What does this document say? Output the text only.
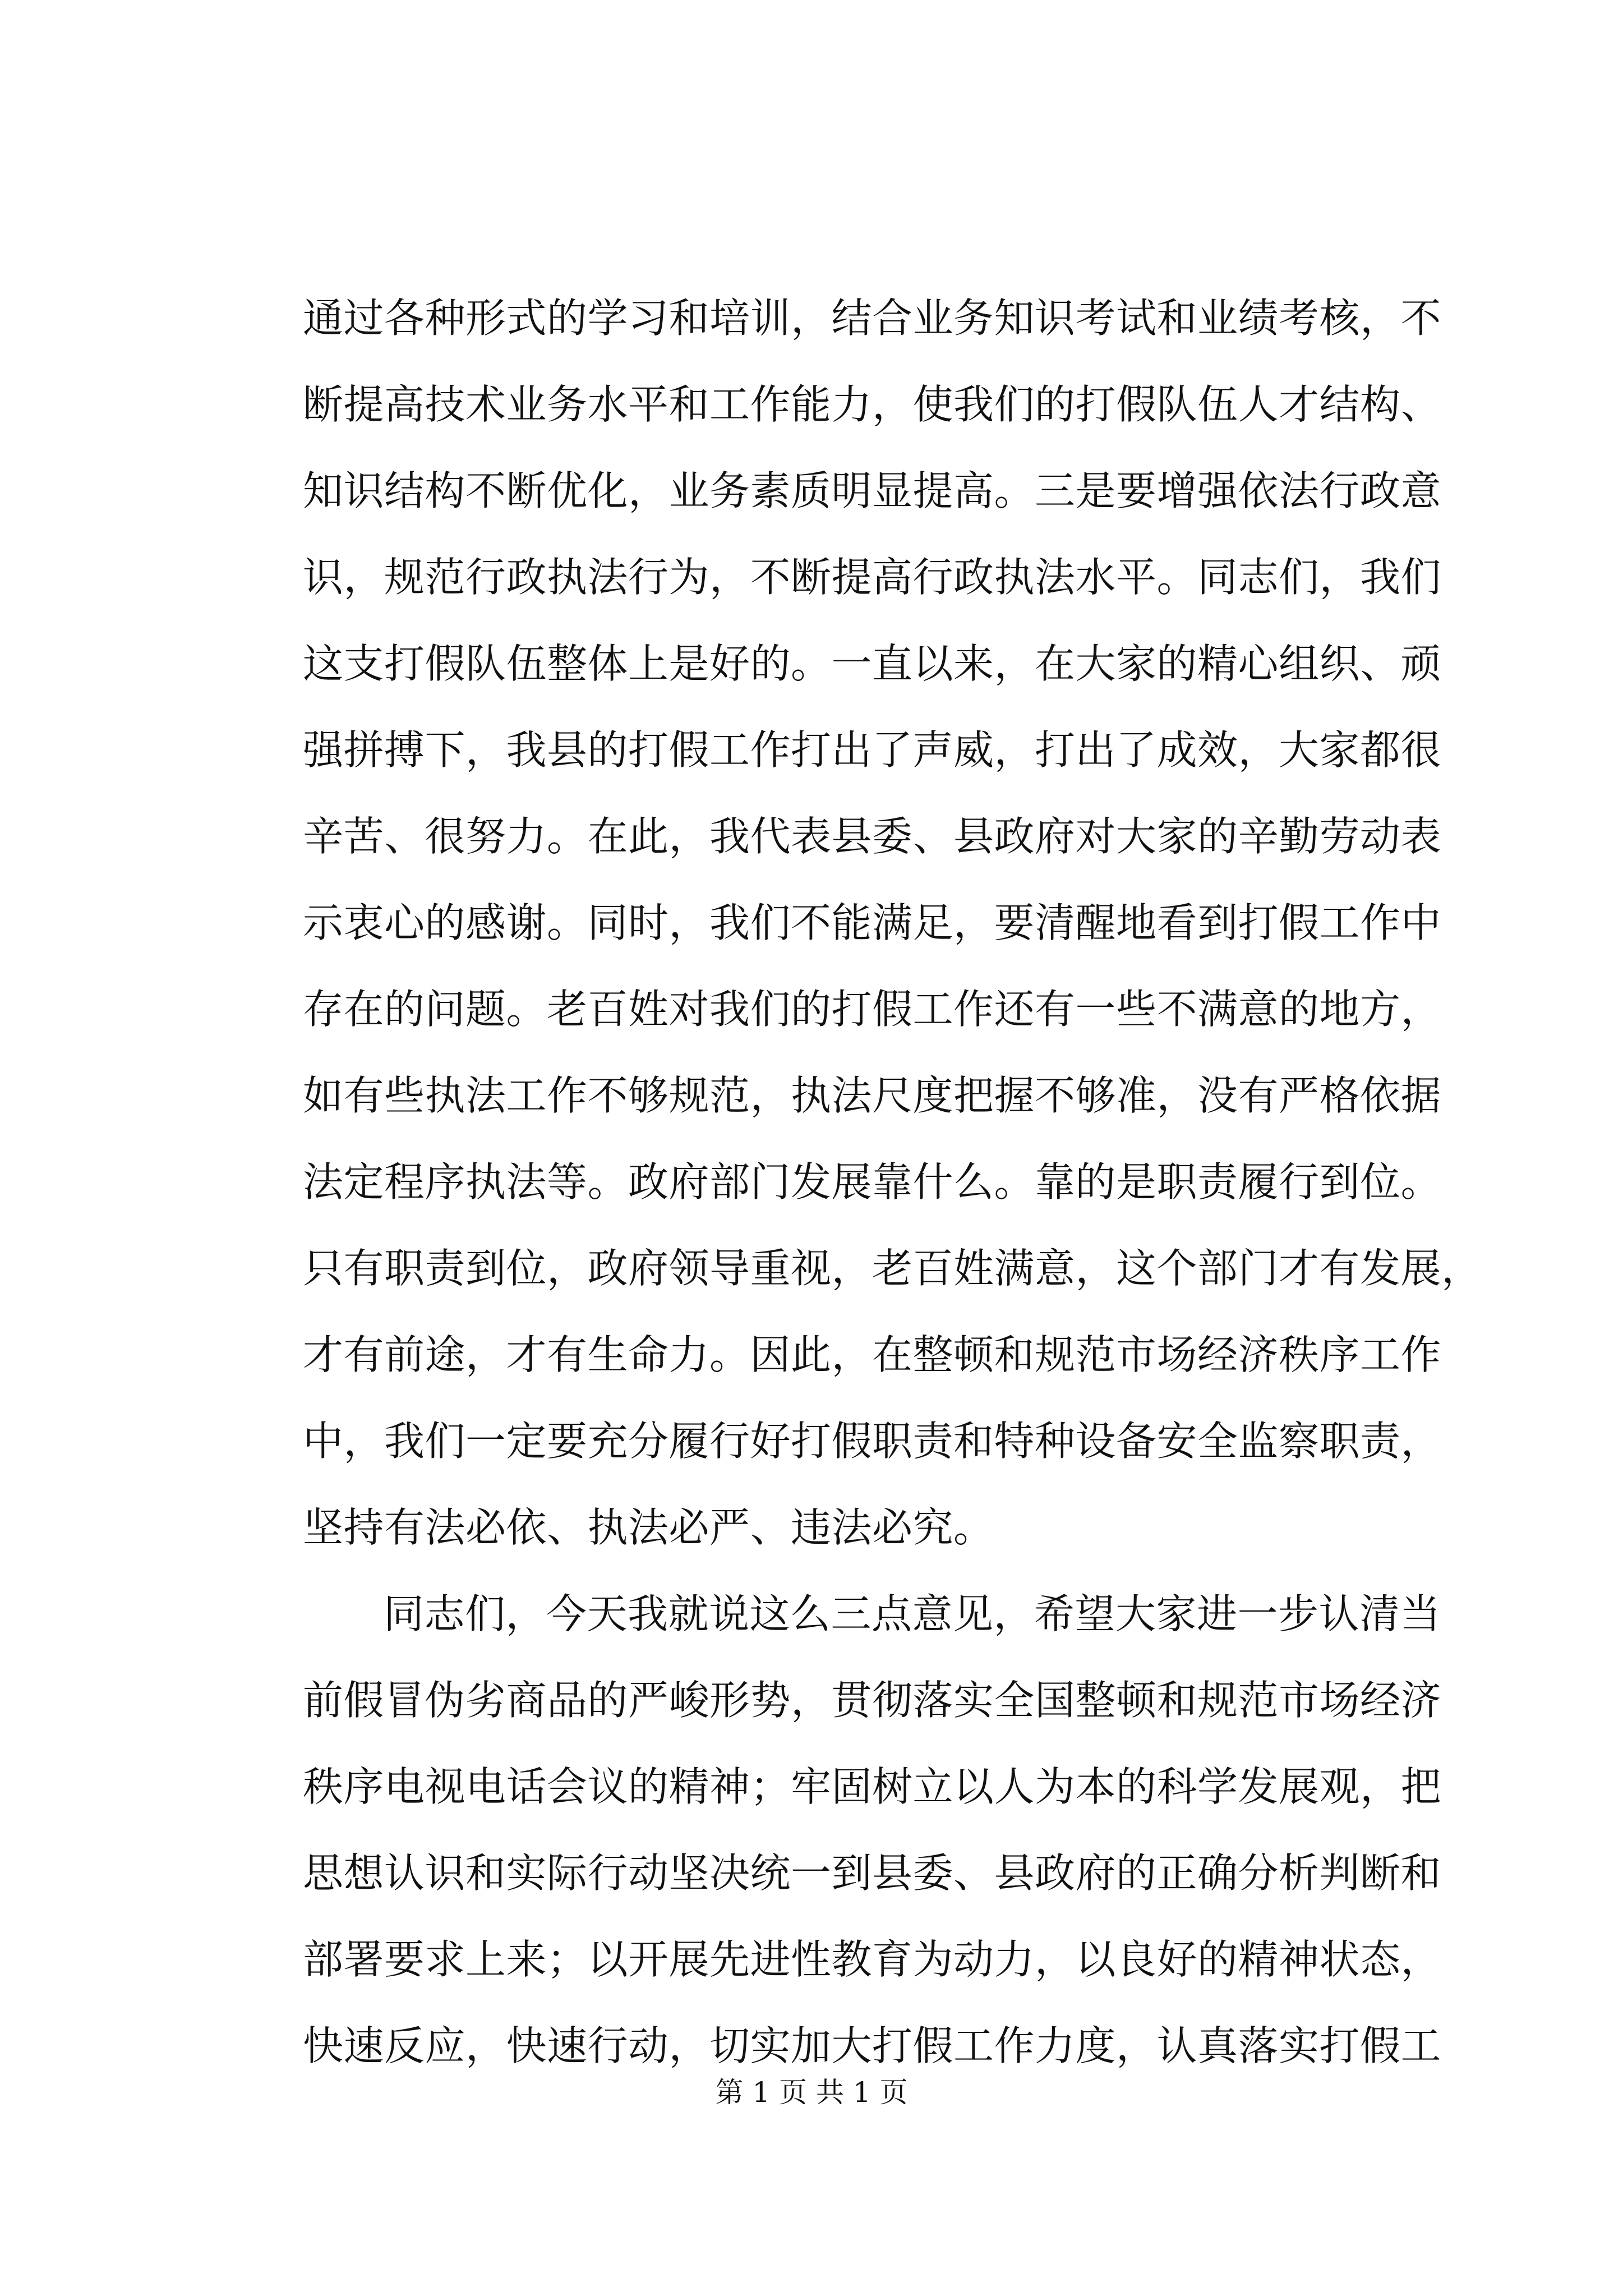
通过各种形式的学习和培训，结合业务知识考试和业绩考核，不
断提高技术业务水平和工作能力，使我们的打假队伍人才结构、
知识结构不断优化，业务素质明显提高。三是要增强依法行政意
识，规范行政执法行为，不断提高行政执法水平。同志们，我们
这支打假队伍整体上是好的。一直以来，在大家的精心组织、顽
强拼搏下，我县的打假工作打出了声威，打出了成效，大家都很
辛苦、很努力。在此，我代表县委、县政府对大家的辛勤劳动表
示衷心的感谢。同时，我们不能满足，要清醒地看到打假工作中
存在的问题。老百姓对我们的打假工作还有一些不满意的地方，
如有些执法工作不够规范，执法尺度把握不够准，没有严格依据
法定程序执法等。政府部门发展靠什么。靠的是职责履行到位。
只有职责到位，政府领导重视，老百姓满意，这个部门才有发展，
才有前途，才有生命力。因此，在整顿和规范市场经济秩序工作
中，我们一定要充分履行好打假职责和特种设备安全监察职责，
坚持有法必依、执法必严、违法必究。
同志们，今天我就说这么三点意见，希望大家进一步认清当
前假冒伪劣商品的严峻形势，贯彻落实全国整顿和规范市场经济
秩序电视电话会议的精神；牢固树立以人为本的科学发展观，把
思想认识和实际行动坚决统一到县委、县政府的正确分析判断和
部署要求上来；以开展先进性教育为动力，以良好的精神状态，
快速反应，快速行动，切实加大打假工作力度，认真落实打假工
第 1 页 共 1 页
